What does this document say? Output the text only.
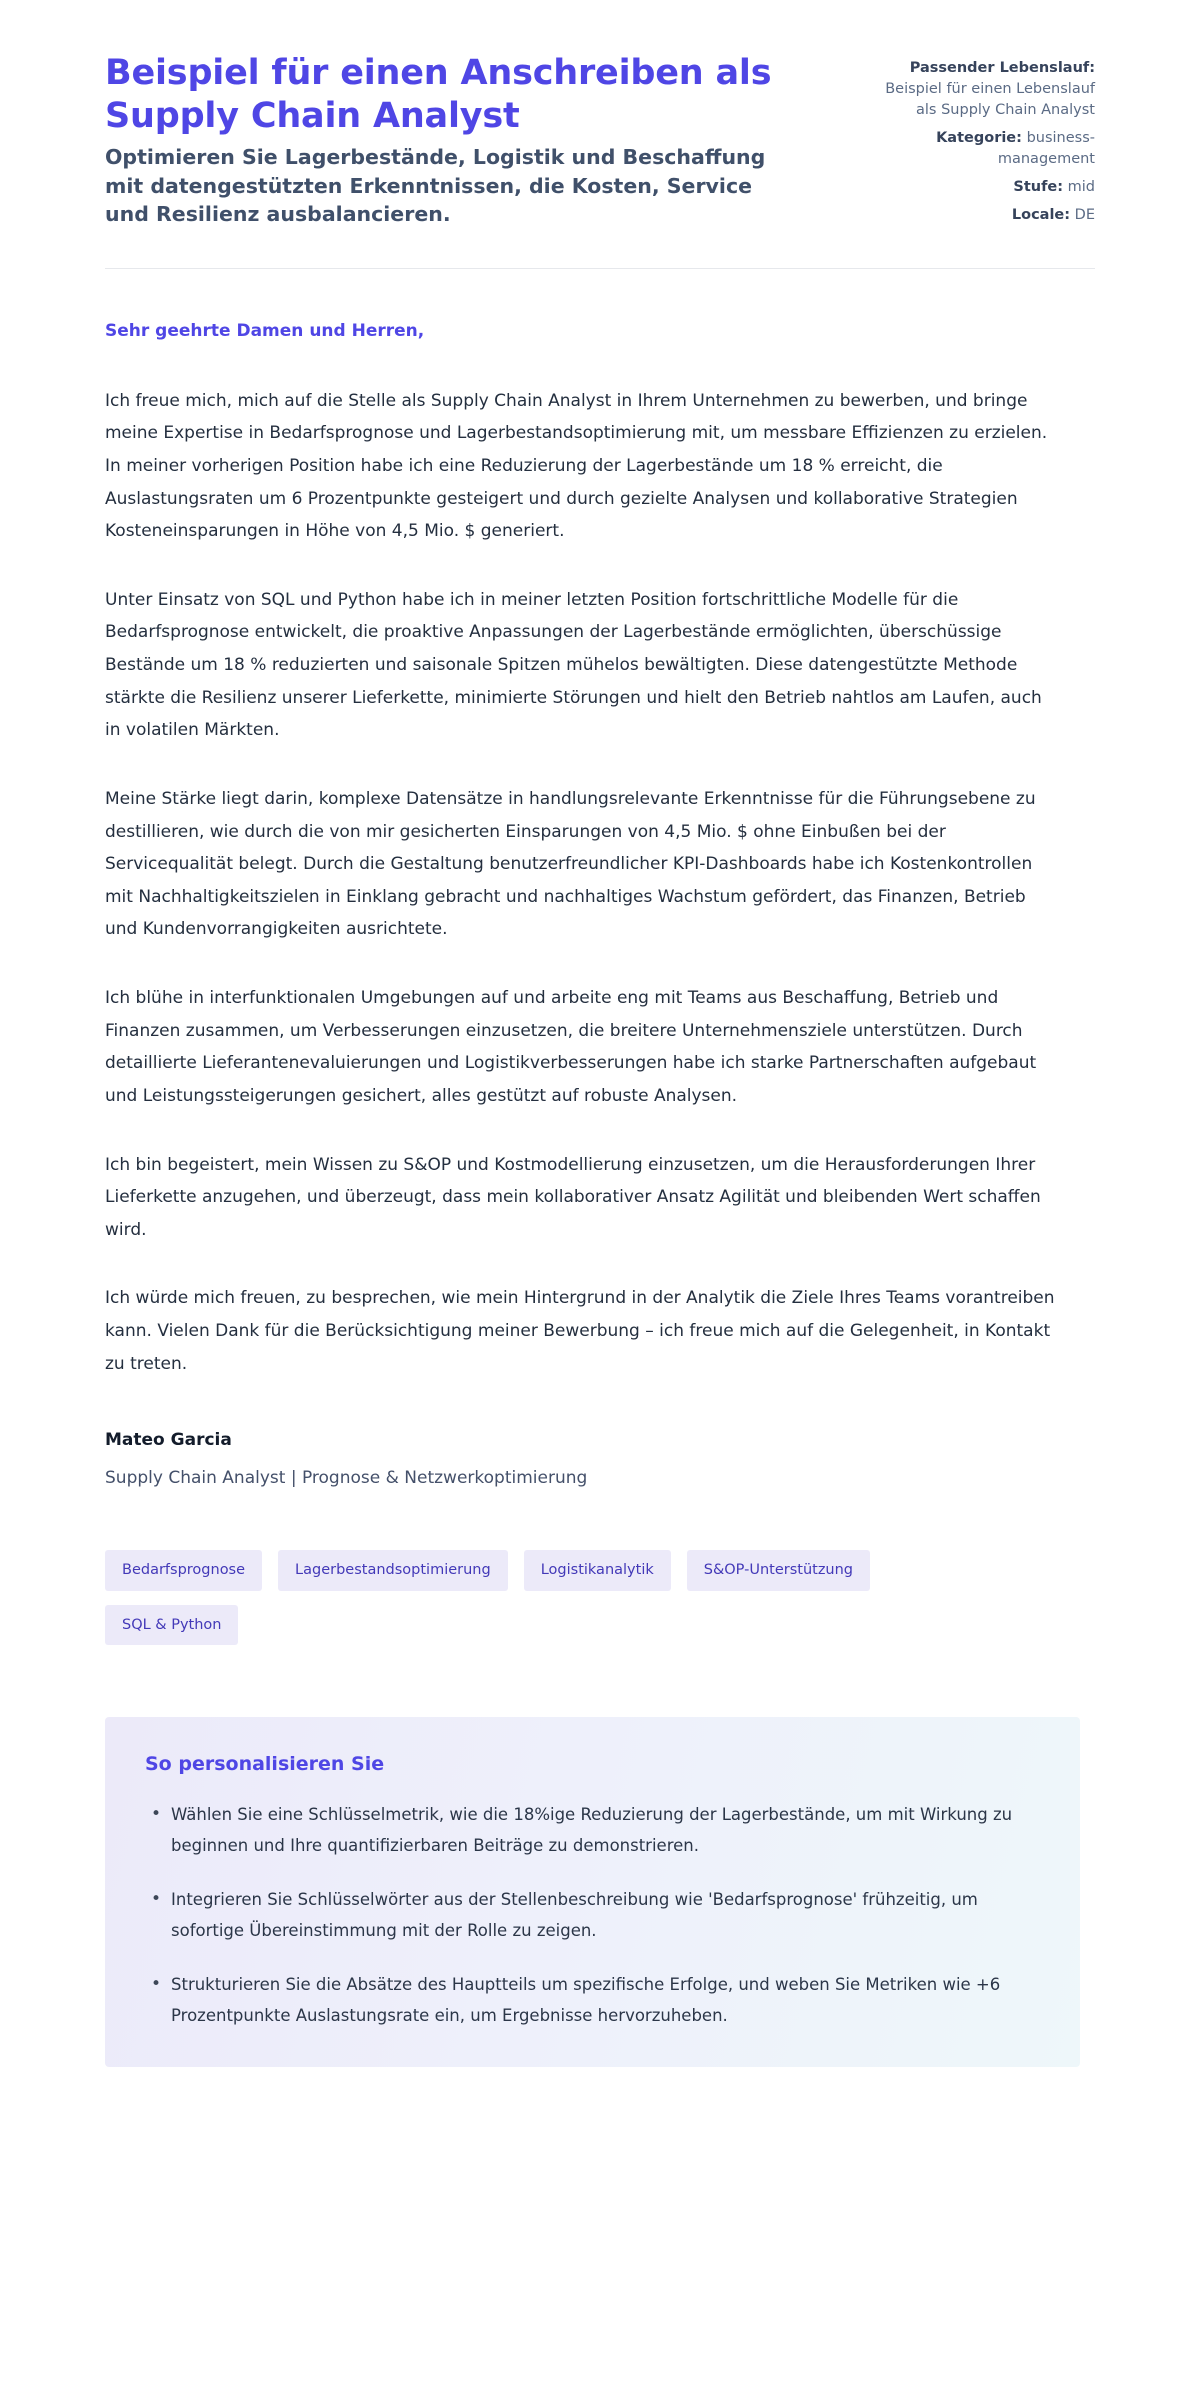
Beispiel für einen Anschreiben als Supply Chain Analyst

Optimieren Sie Lagerbestände, Logistik und Beschaffung mit datengestützten Erkenntnissen, die Kosten, Service und Resilienz ausbalancieren.

Passender Lebenslauf: Beispiel für einen Lebenslauf als Supply Chain Analyst
Kategorie: business-management
Stufe: mid
Locale: DE

Sehr geehrte Damen und Herren,

Ich freue mich, mich auf die Stelle als Supply Chain Analyst in Ihrem Unternehmen zu bewerben, und bringe meine Expertise in Bedarfsprognose und Lagerbestandsoptimierung mit, um messbare Effizienzen zu erzielen. In meiner vorherigen Position habe ich eine Reduzierung der Lagerbestände um 18 % erreicht, die Auslastungsraten um 6 Prozentpunkte gesteigert und durch gezielte Analysen und kollaborative Strategien Kosteneinsparungen in Höhe von 4,5 Mio. $ generiert.

Unter Einsatz von SQL und Python habe ich in meiner letzten Position fortschrittliche Modelle für die Bedarfsprognose entwickelt, die proaktive Anpassungen der Lagerbestände ermöglichten, überschüssige Bestände um 18 % reduzierten und saisonale Spitzen mühelos bewältigten. Diese datengestützte Methode stärkte die Resilienz unserer Lieferkette, minimierte Störungen und hielt den Betrieb nahtlos am Laufen, auch in volatilen Märkten.

Meine Stärke liegt darin, komplexe Datensätze in handlungsrelevante Erkenntnisse für die Führungsebene zu destillieren, wie durch die von mir gesicherten Einsparungen von 4,5 Mio. $ ohne Einbußen bei der Servicequalität belegt. Durch die Gestaltung benutzerfreundlicher KPI-Dashboards habe ich Kostenkontrollen mit Nachhaltigkeitszielen in Einklang gebracht und nachhaltiges Wachstum gefördert, das Finanzen, Betrieb und Kundenvorrangigkeiten ausrichtete.

Ich blühe in interfunktionalen Umgebungen auf und arbeite eng mit Teams aus Beschaffung, Betrieb und Finanzen zusammen, um Verbesserungen einzusetzen, die breitere Unternehmensziele unterstützen. Durch detaillierte Lieferantenevaluierungen und Logistikverbesserungen habe ich starke Partnerschaften aufgebaut und Leistungssteigerungen gesichert, alles gestützt auf robuste Analysen.

Ich bin begeistert, mein Wissen zu S&OP und Kostmodellierung einzusetzen, um die Herausforderungen Ihrer Lieferkette anzugehen, und überzeugt, dass mein kollaborativer Ansatz Agilität und bleibenden Wert schaffen wird.

Ich würde mich freuen, zu besprechen, wie mein Hintergrund in der Analytik die Ziele Ihres Teams vorantreiben kann. Vielen Dank für die Berücksichtigung meiner Bewerbung – ich freue mich auf die Gelegenheit, in Kontakt zu treten.

Mateo Garcia

Supply Chain Analyst | Prognose & Netzwerkoptimierung

Bedarfsprognose	Lagerbestandsoptimierung	Logistikanalytik	S&OP-Unterstützung
SQL & Python
So personalisieren Sie
• Wählen Sie eine Schlüsselmetrik, wie die 18%ige Reduzierung der Lagerbestände, um mit Wirkung zu beginnen und Ihre quantifizierbaren Beiträge zu demonstrieren.
• Integrieren Sie Schlüsselwörter aus der Stellenbeschreibung wie 'Bedarfsprognose' frühzeitig, um sofortige Übereinstimmung mit der Rolle zu zeigen.
• Strukturieren Sie die Absätze des Hauptteils um spezifische Erfolge, und weben Sie Metriken wie +6 Prozentpunkte Auslastungsrate ein, um Ergebnisse hervorzuheben.
